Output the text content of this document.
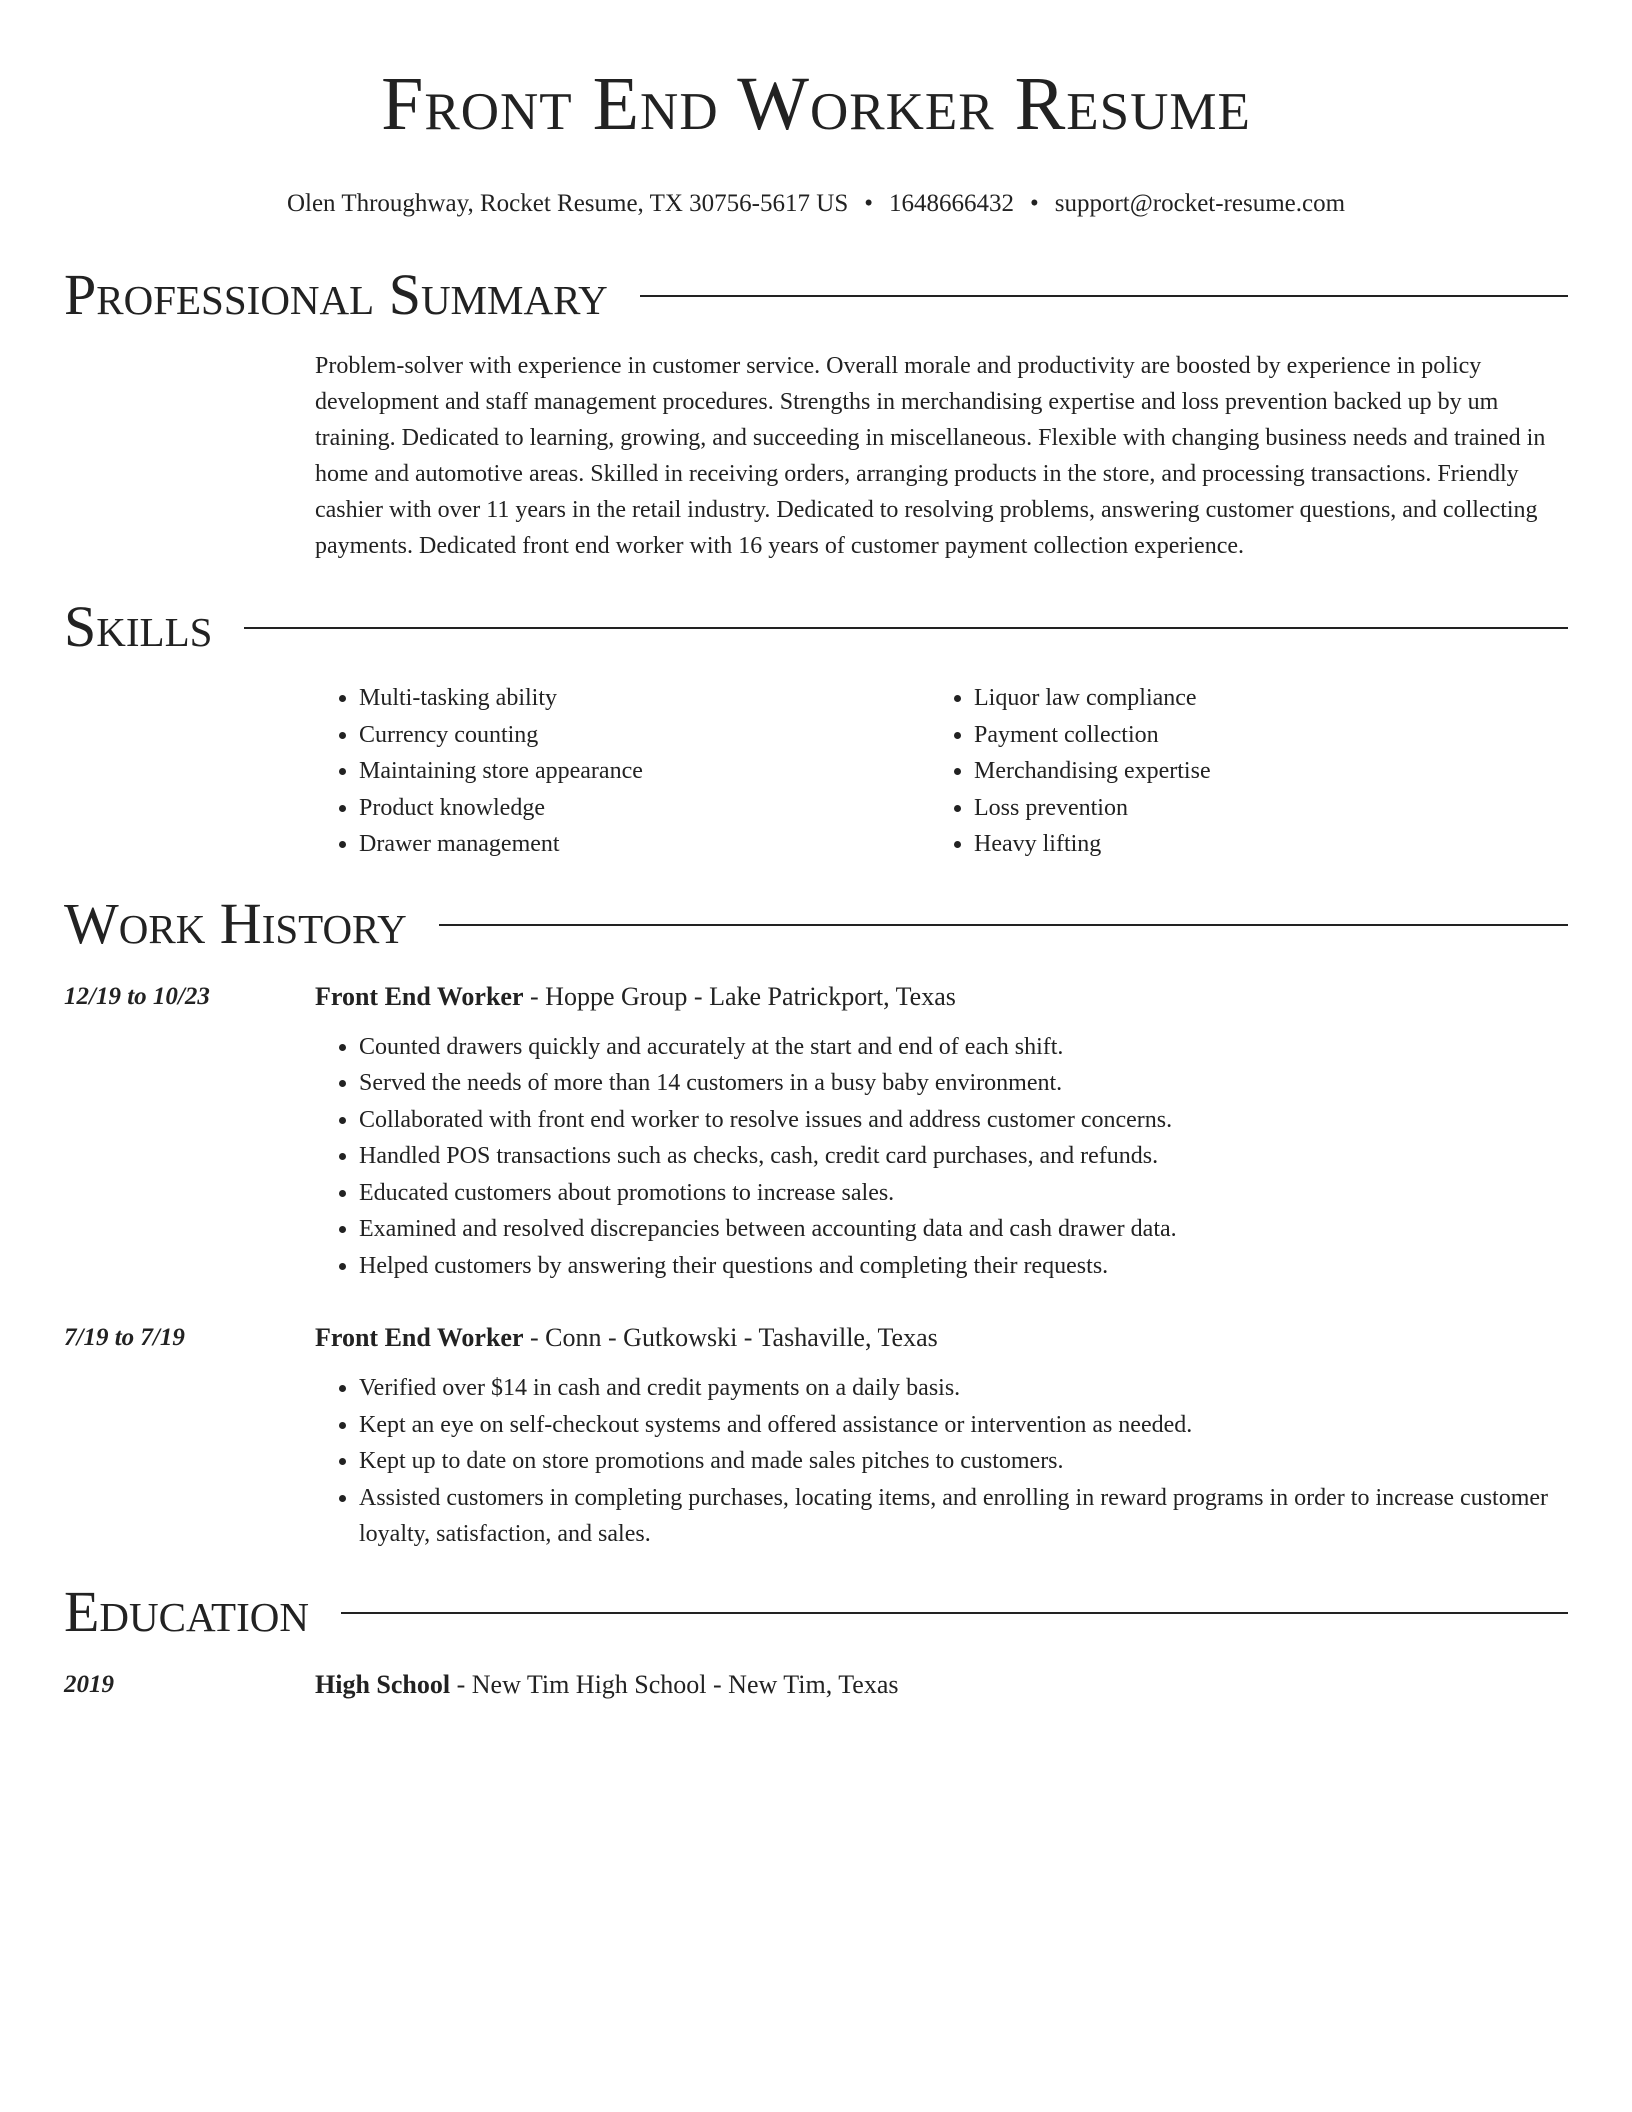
Front End Worker Resume
Olen Throughway, Rocket Resume, TX 30756-5617 US • 1648666432 • support@rocket-resume.com
Professional Summary

Problem-solver with experience in customer service. Overall morale and productivity are boosted by experience in policy development and staff management procedures. Strengths in merchandising expertise and loss prevention backed up by um training. Dedicated to learning, growing, and succeeding in miscellaneous. Flexible with changing business needs and trained in home and automotive areas. Skilled in receiving orders, arranging products in the store, and processing transactions. Friendly cashier with over 11 years in the retail industry. Dedicated to resolving problems, answering customer questions, and collecting payments. Dedicated front end worker with 16 years of customer payment collection experience.

Skills
• Multi-tasking ability
• Currency counting
• Maintaining store appearance
• Product knowledge
• Drawer management
• Liquor law compliance
• Payment collection
• Merchandising expertise
• Loss prevention
• Heavy lifting
Work History
12/19 to 10/23	Front End Worker - Hoppe Group - Lake Patrickport, Texas
• Counted drawers quickly and accurately at the start and end of each shift.
• Served the needs of more than 14 customers in a busy baby environment.
• Collaborated with front end worker to resolve issues and address customer concerns.
• Handled POS transactions such as checks, cash, credit card purchases, and refunds.
• Educated customers about promotions to increase sales.
• Examined and resolved discrepancies between accounting data and cash drawer data.
• Helped customers by answering their questions and completing their requests.
7/19 to 7/19	Front End Worker - Conn - Gutkowski - Tashaville, Texas
• Verified over $14 in cash and credit payments on a daily basis.
• Kept an eye on self-checkout systems and offered assistance or intervention as needed.
• Kept up to date on store promotions and made sales pitches to customers.
• Assisted customers in completing purchases, locating items, and enrolling in reward programs in order to increase customer loyalty, satisfaction, and sales.
Education
2019	High School - New Tim High School - New Tim, Texas
